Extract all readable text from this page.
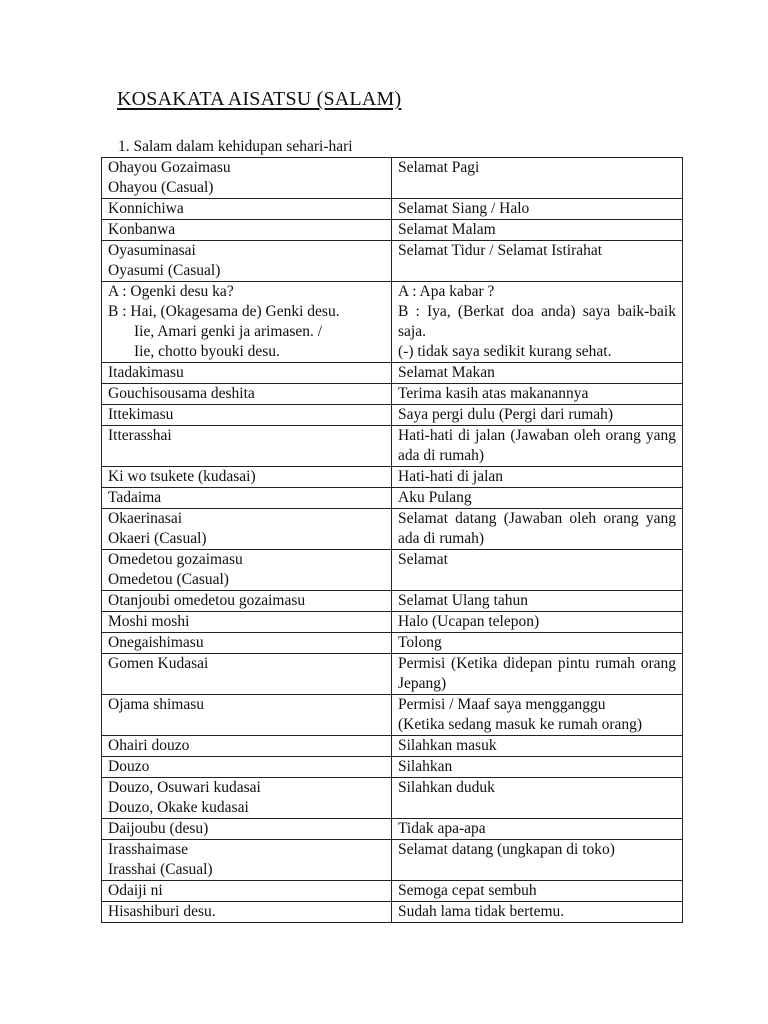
KOSAKATA AISATSU (SALAM)
1. Salam dalam kehidupan sehari-hari
Ohayou Gozaimasu
Ohayou (Casual)	Selamat Pagi

Konnichiwa	Selamat Siang / Halo

Konbanwa	Selamat Malam

Oyasuminasai
Oyasumi (Casual)	Selamat Tidur / Selamat Istirahat

A : Ogenki desu ka?
B : Hai, (Okagesama de) Genki desu.
Iie, Amari genki ja arimasen. /
Iie, chotto byouki desu.	A : Apa kabar ?
B : Iya, (Berkat doa anda) saya baik-baik saja.
(-) tidak saya sedikit kurang sehat.

Itadakimasu	Selamat Makan

Gouchisousama deshita	Terima kasih atas makanannya

Ittekimasu	Saya pergi dulu (Pergi dari rumah)

Itterasshai	Hati-hati di jalan (Jawaban oleh orang yang ada di rumah)

Ki wo tsukete (kudasai)	Hati-hati di jalan

Tadaima	Aku Pulang

Okaerinasai
Okaeri (Casual)	Selamat datang (Jawaban oleh orang yang ada di rumah)

Omedetou gozaimasu
Omedetou (Casual)	Selamat

Otanjoubi omedetou gozaimasu	Selamat Ulang tahun

Moshi moshi	Halo (Ucapan telepon)

Onegaishimasu	Tolong

Gomen Kudasai	Permisi (Ketika didepan pintu rumah orang Jepang)

Ojama shimasu	Permisi / Maaf saya mengganggu
(Ketika sedang masuk ke rumah orang)

Ohairi douzo	Silahkan masuk

Douzo	Silahkan

Douzo, Osuwari kudasai
Douzo, Okake kudasai	Silahkan duduk

Daijoubu (desu)	Tidak apa-apa

Irasshaimase
Irasshai (Casual)	Selamat datang (ungkapan di toko)

Odaiji ni	Semoga cepat sembuh

Hisashiburi desu.	Sudah lama tidak bertemu.
